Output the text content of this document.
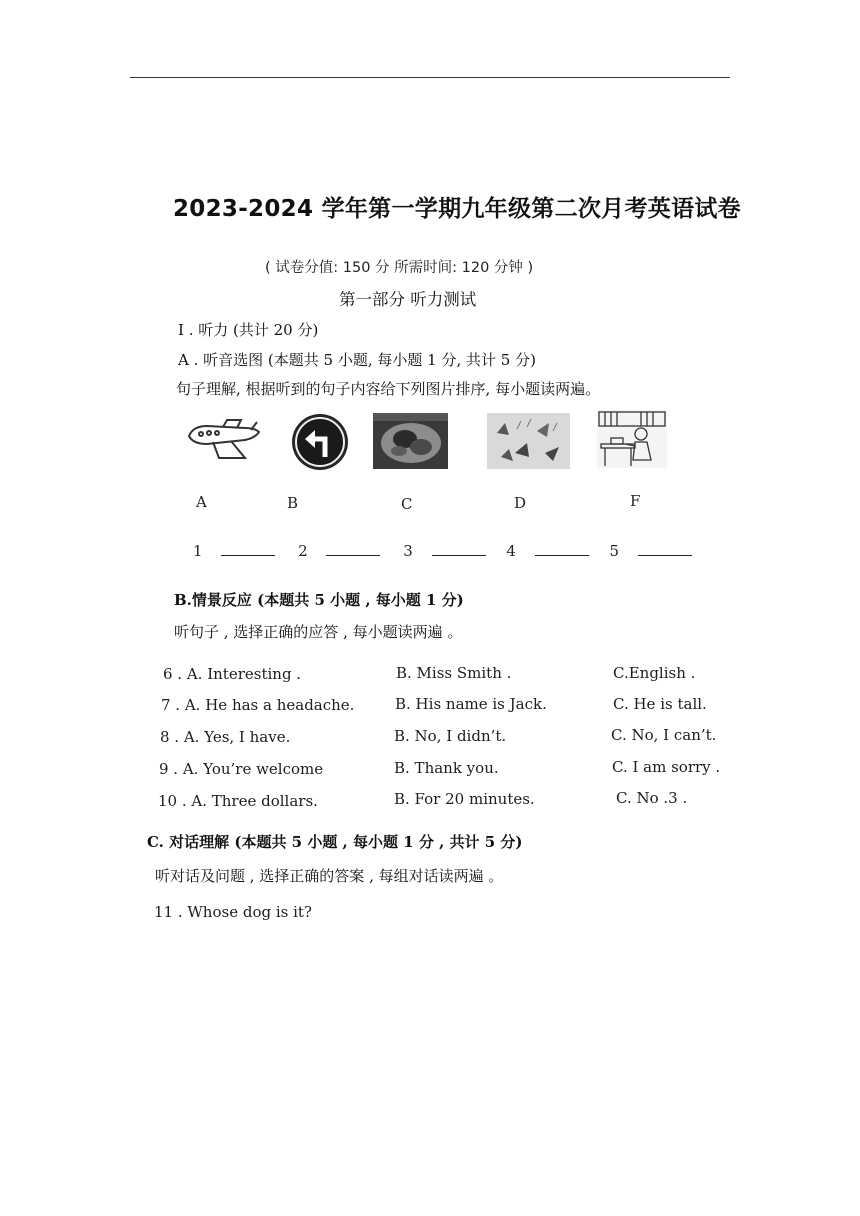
2023-2024 学年第一学期九年级第二次月考英语试卷
( 试卷分值: 150 分 所需时间: 120 分钟 )
第一部分 听力测试
I . 听力 (共计 20 分)
A . 听音选图 (本题共 5 小题, 每小题 1 分, 共计 5 分)
句子理解, 根据听到的句子内容给下列图片排序, 每小题读两遍。
A	B	C	D	F
1	2	3	4	5
B.情景反应 (本题共 5 小题 , 每小题 1 分)
听句子 , 选择正确的应答 , 每小题读两遍 。
6 . A. Interesting .	B. Miss Smith .	C.English .
7 . A. He has a headache.	B. His name is Jack.	C. He is tall.
8 . A. Yes, I have.	B. No, I didn’t.	C. No, I can’t.
9 . A. You’re welcome	B. Thank you.	C. I am sorry .
10 . A. Three dollars.	B. For 20 minutes.	C. No .3 .
C. 对话理解 (本题共 5 小题 , 每小题 1 分 , 共计 5 分)
听对话及问题 , 选择正确的答案 , 每组对话读两遍 。
11 . Whose dog is it?
